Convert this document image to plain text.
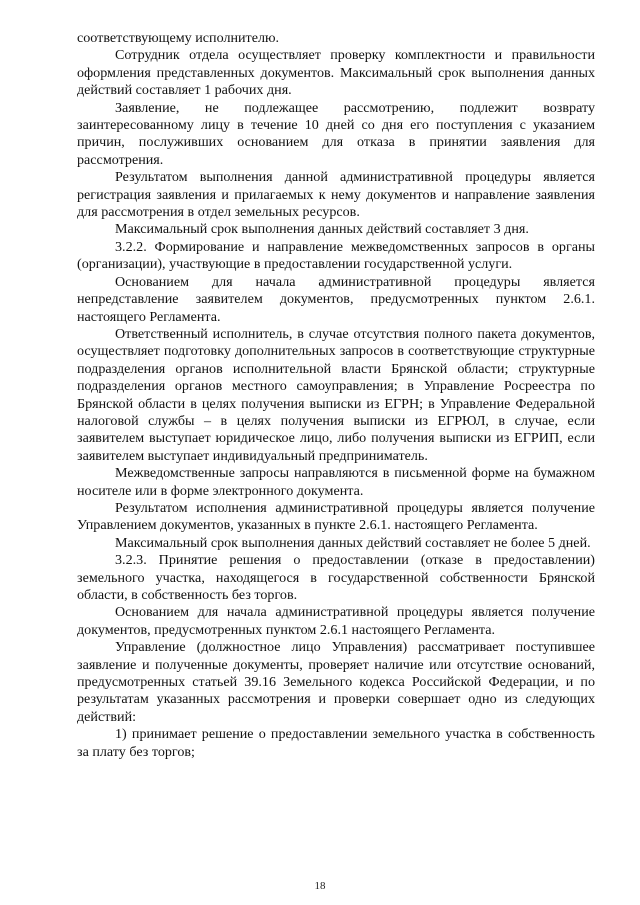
соответствующему исполнителю.

Сотрудник отдела осуществляет проверку комплектности и правильности оформления представленных документов. Максимальный срок выполнения данных действий составляет 1 рабочих дня.

Заявление, не подлежащее рассмотрению, подлежит возврату заинтересованному лицу в течение 10 дней со дня его поступления с указанием причин, послуживших основанием для отказа в принятии заявления для рассмотрения.

Результатом выполнения данной административной процедуры является регистрация заявления и прилагаемых к нему документов и направление заявления для рассмотрения в отдел земельных ресурсов.

Максимальный срок выполнения данных действий составляет 3 дня.

3.2.2. Формирование и направление межведомственных запросов в органы (организации), участвующие в предоставлении государственной услуги.

Основанием для начала административной процедуры является непредставление заявителем документов, предусмотренных пунктом 2.6.1. настоящего Регламента.

Ответственный исполнитель, в случае отсутствия полного пакета документов, осуществляет подготовку дополнительных запросов в соответствующие структурные подразделения органов исполнительной власти Брянской области; структурные подразделения органов местного самоуправления; в Управление Росреестра по Брянской области в целях получения выписки из ЕГРН; в Управление Федеральной налоговой службы – в целях получения выписки из ЕГРЮЛ, в случае, если заявителем выступает юридическое лицо, либо получения выписки из ЕГРИП, если заявителем выступает индивидуальный предприниматель.

Межведомственные запросы направляются в письменной форме на бумажном носителе или в форме электронного документа.

Результатом исполнения административной процедуры является получение Управлением документов, указанных в пункте 2.6.1. настоящего Регламента.

Максимальный срок выполнения данных действий составляет не более 5 дней.

3.2.3. Принятие решения о предоставлении (отказе в предоставлении) земельного участка, находящегося в государственной собственности Брянской области, в собственность без торгов.

Основанием для начала административной процедуры является получение документов, предусмотренных пунктом 2.6.1 настоящего Регламента.

Управление (должностное лицо Управления) рассматривает поступившее заявление и полученные документы, проверяет наличие или отсутствие оснований, предусмотренных статьей 39.16 Земельного кодекса Российской Федерации, и по результатам указанных рассмотрения и проверки совершает одно из следующих действий:

1) принимает решение о предоставлении земельного участка в собственность за плату без торгов;

18
